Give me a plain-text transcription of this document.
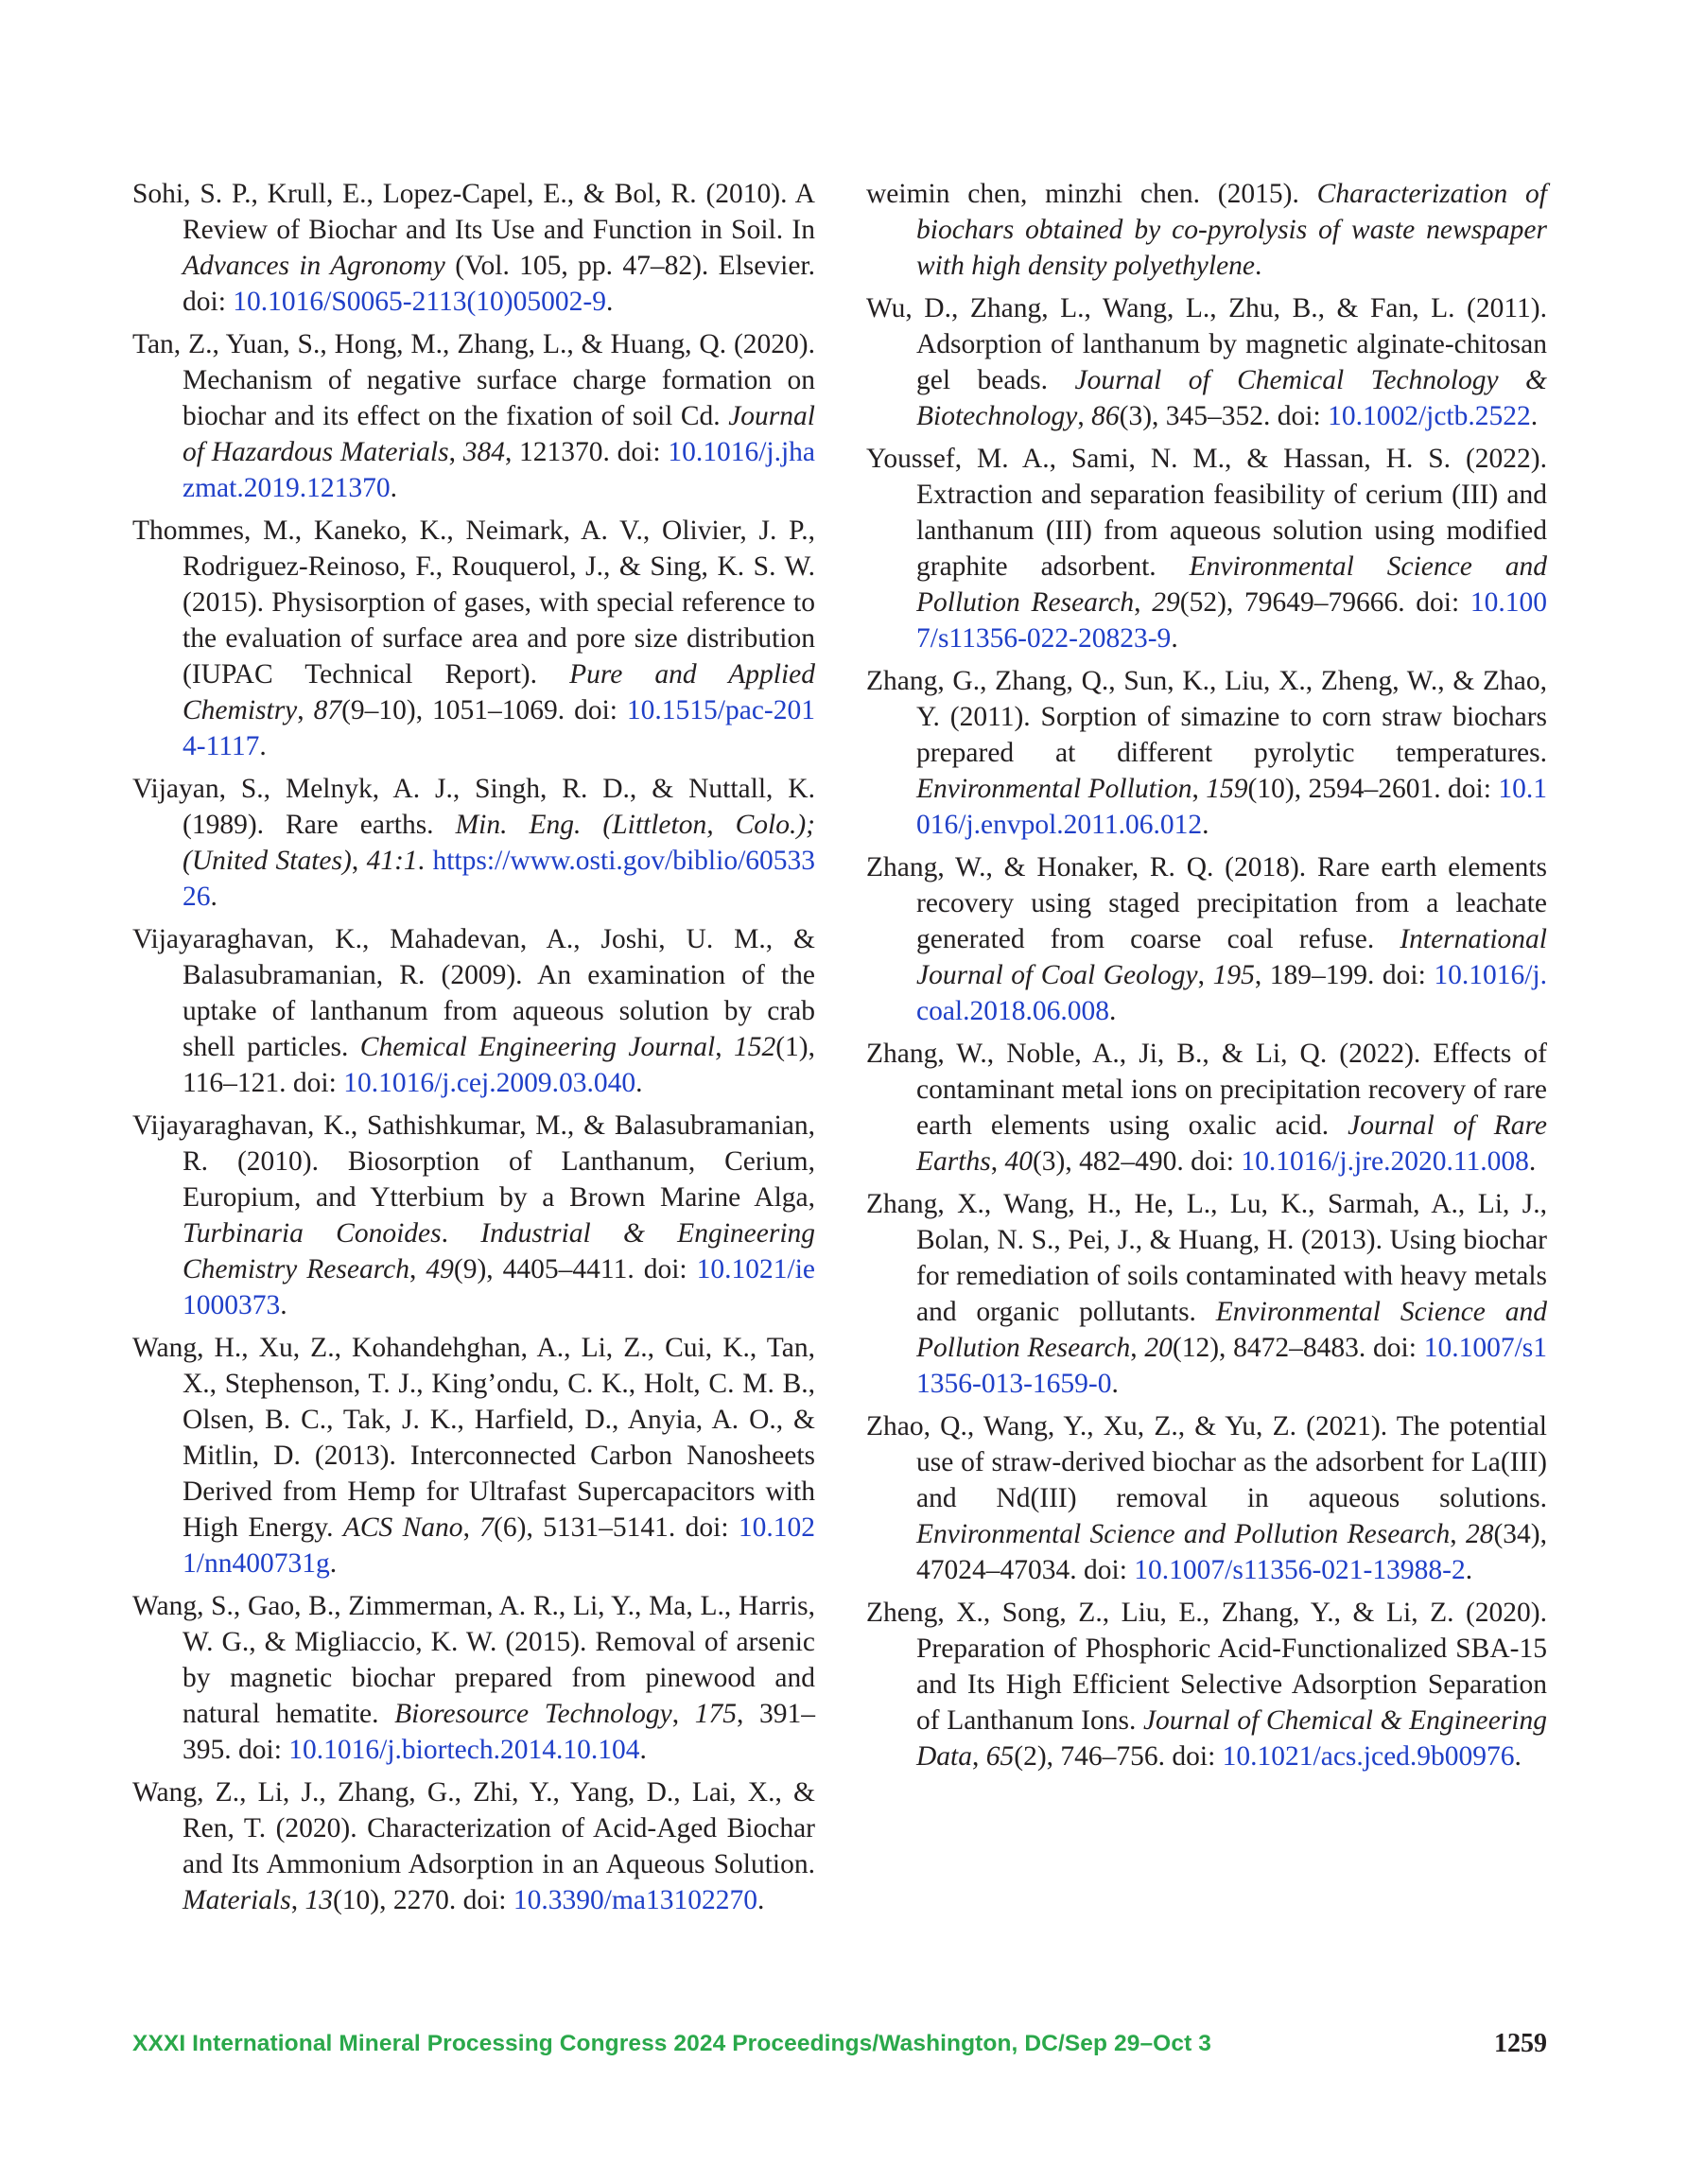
Sohi, S. P., Krull, E., Lopez-Capel, E., & Bol, R. (2010). A Review of Biochar and Its Use and Function in Soil. In Advances in Agronomy (Vol. 105, pp. 47–82). Elsevier. doi: 10.1016/S0065-2113(10)05002-9.

Tan, Z., Yuan, S., Hong, M., Zhang, L., & Huang, Q. (2020). Mechanism of negative surface charge formation on biochar and its effect on the fixation of soil Cd. Journal of Hazardous Materials, 384, 121370. doi: 10.1016/j.jhazmat.2019.121370.

Thommes, M., Kaneko, K., Neimark, A. V., Olivier, J. P., Rodriguez-Reinoso, F., Rouquerol, J., & Sing, K. S. W. (2015). Physisorption of gases, with special reference to the evaluation of surface area and pore size distribution (IUPAC Technical Report). Pure and Applied Chemistry, 87(9–10), 1051–1069. doi: 10.1515/pac-2014-1117.

Vijayan, S., Melnyk, A. J., Singh, R. D., & Nuttall, K. (1989). Rare earths. Min. Eng. (Littleton, Colo.); (United States), 41:1. https://www.osti.gov/biblio/6053326.

Vijayaraghavan, K., Mahadevan, A., Joshi, U. M., & Balasubramanian, R. (2009). An examination of the uptake of lanthanum from aqueous solution by crab shell particles. Chemical Engineering Journal, 152(1), 116–121. doi: 10.1016/j.cej.2009.03.040.

Vijayaraghavan, K., Sathishkumar, M., & Balasubramanian, R. (2010). Biosorption of Lanthanum, Cerium, Europium, and Ytterbium by a Brown Marine Alga, Turbinaria Conoides. Industrial & Engineering Chemistry Research, 49(9), 4405–4411. doi: 10.1021/ie1000373.

Wang, H., Xu, Z., Kohandehghan, A., Li, Z., Cui, K., Tan, X., Stephenson, T. J., King’ondu, C. K., Holt, C. M. B., Olsen, B. C., Tak, J. K., Harfield, D., Anyia, A. O., & Mitlin, D. (2013). Interconnected Carbon Nanosheets Derived from Hemp for Ultrafast Supercapacitors with High Energy. ACS Nano, 7(6), 5131–5141. doi: 10.1021/nn400731g.

Wang, S., Gao, B., Zimmerman, A. R., Li, Y., Ma, L., Harris, W. G., & Migliaccio, K. W. (2015). Removal of arsenic by magnetic biochar prepared from pinewood and natural hematite. Bioresource Technology, 175, 391–395. doi: 10.1016/j.biortech.2014.10.104.

Wang, Z., Li, J., Zhang, G., Zhi, Y., Yang, D., Lai, X., & Ren, T. (2020). Characterization of Acid-Aged Biochar and Its Ammonium Adsorption in an Aqueous Solution. Materials, 13(10), 2270. doi: 10.3390/ma13102270.

weimin chen, minzhi chen. (2015). Characterization of biochars obtained by co-pyrolysis of waste newspaper with high density polyethylene.

Wu, D., Zhang, L., Wang, L., Zhu, B., & Fan, L. (2011). Adsorption of lanthanum by magnetic alginate-chitosan gel beads. Journal of Chemical Technology & Biotechnology, 86(3), 345–352. doi: 10.1002/jctb.2522.

Youssef, M. A., Sami, N. M., & Hassan, H. S. (2022). Extraction and separation feasibility of cerium (III) and lanthanum (III) from aqueous solution using modified graphite adsorbent. Environmental Science and Pollution Research, 29(52), 79649–79666. doi: 10.1007/s11356-022-20823-9.

Zhang, G., Zhang, Q., Sun, K., Liu, X., Zheng, W., & Zhao, Y. (2011). Sorption of simazine to corn straw biochars prepared at different pyrolytic temperatures. Environmental Pollution, 159(10), 2594–2601. doi: 10.1016/j.envpol.2011.06.012.

Zhang, W., & Honaker, R. Q. (2018). Rare earth elements recovery using staged precipitation from a leachate generated from coarse coal refuse. International Journal of Coal Geology, 195, 189–199. doi: 10.1016/j.coal.2018.06.008.

Zhang, W., Noble, A., Ji, B., & Li, Q. (2022). Effects of contaminant metal ions on precipitation recovery of rare earth elements using oxalic acid. Journal of Rare Earths, 40(3), 482–490. doi: 10.1016/j.jre.2020.11.008.

Zhang, X., Wang, H., He, L., Lu, K., Sarmah, A., Li, J., Bolan, N. S., Pei, J., & Huang, H. (2013). Using biochar for remediation of soils contaminated with heavy metals and organic pollutants. Environmental Science and Pollution Research, 20(12), 8472–8483. doi: 10.1007/s11356-013-1659-0.

Zhao, Q., Wang, Y., Xu, Z., & Yu, Z. (2021). The potential use of straw-derived biochar as the adsorbent for La(III) and Nd(III) removal in aqueous solutions. Environmental Science and Pollution Research, 28(34), 47024–47034. doi: 10.1007/s11356-021-13988-2.

Zheng, X., Song, Z., Liu, E., Zhang, Y., & Li, Z. (2020). Preparation of Phosphoric Acid-Functionalized SBA-15 and Its High Efficient Selective Adsorption Separation of Lanthanum Ions. Journal of Chemical & Engineering Data, 65(2), 746–756. doi: 10.1021/acs.jced.9b00976.

XXXI International Mineral Processing Congress 2024 Proceedings/Washington, DC/Sep 29–Oct 3	1259
